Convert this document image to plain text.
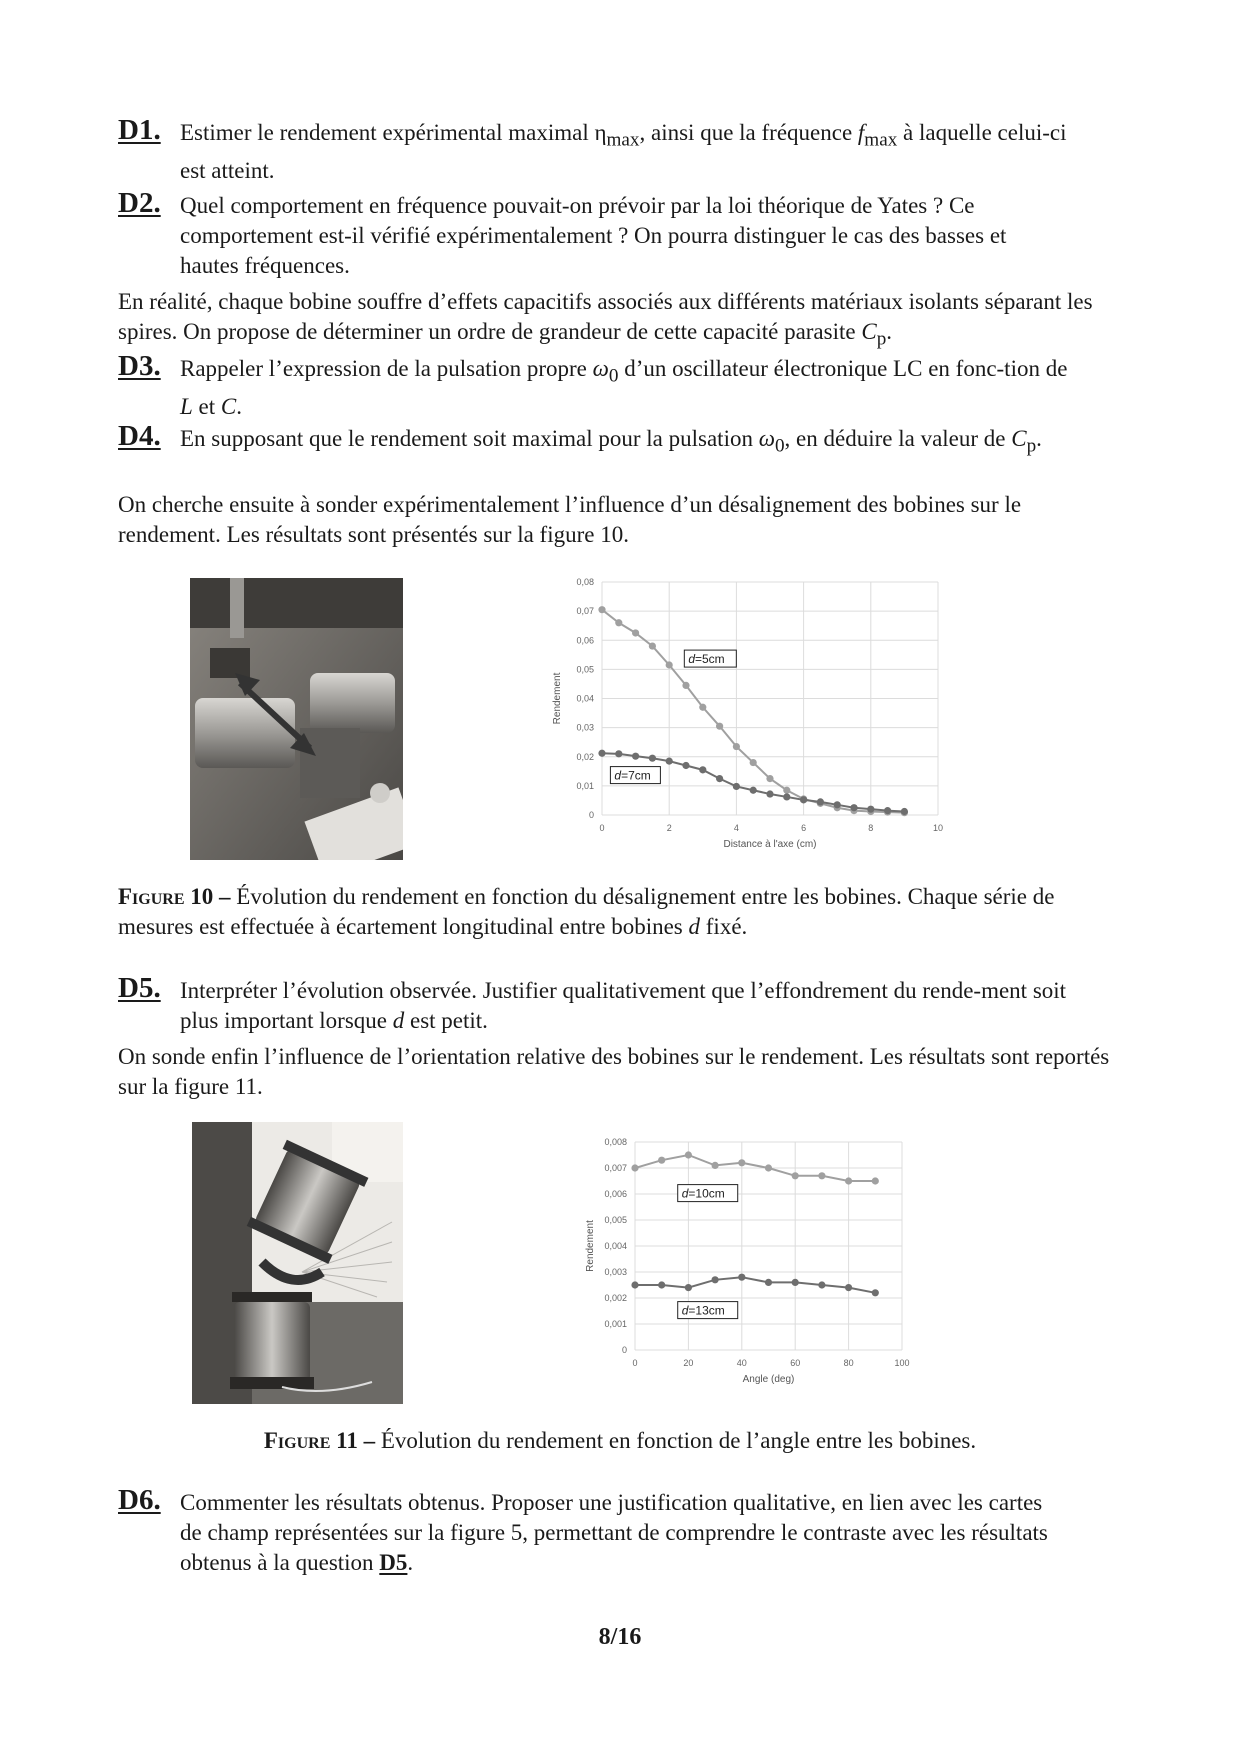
D1. Estimer le rendement expérimental maximal $\eta_{max}$, ainsi que la fréquence $f_{max}$ à laquelle celui-ci est atteint.
D2. Quel comportement en fréquence pouvait-on prévoir par la loi théorique de Yates ? Ce comportement est-il vérifié expérimentalement ? On pourra distinguer le cas des basses et hautes fréquences.
En réalité, chaque bobine souffre d’effets capacitifs associés aux différents matériaux isolants séparant les spires. On propose de déterminer un ordre de grandeur de cette capacité parasite $C_p$.
D3. Rappeler l’expression de la pulsation propre $\omega_0$ d’un oscillateur électronique LC en fonc-tion de L et C.
D4. En supposant que le rendement soit maximal pour la pulsation $\omega_0$, en déduire la valeur de $C_p$.
On cherche ensuite à sonder expérimentalement l’influence d’un désalignement des bobines sur le rendement. Les résultats sont présentés sur la figure 10.
0
0,01
0,02
0,03
0,04
0,05
0,06
0,07
0,08
0	2	4	6	8	10
Distance à l'axe (cm)
Rendement
d=5cm
d=7cm
Figure 10 – Évolution du rendement en fonction du désalignement entre les bobines. Chaque série de mesures est effectuée à écartement longitudinal entre bobines d fixé.
D5. Interpréter l’évolution observée. Justifier qualitativement que l’effondrement du rende-ment soit plus important lorsque d est petit.
On sonde enfin l’influence de l’orientation relative des bobines sur le rendement. Les résultats sont reportés sur la figure 11.
0
0,001
0,002
0,003
0,004
0,005
0,006
0,007
0,008
0	20	40	60	80	100
Angle (deg)
Rendement
d=10cm
d=13cm
Figure 11 – Évolution du rendement en fonction de l’angle entre les bobines.
D6. Commenter les résultats obtenus. Proposer une justification qualitative, en lien avec les cartes de champ représentées sur la figure 5, permettant de comprendre le contraste avec les résultats obtenus à la question D5.
8/16
